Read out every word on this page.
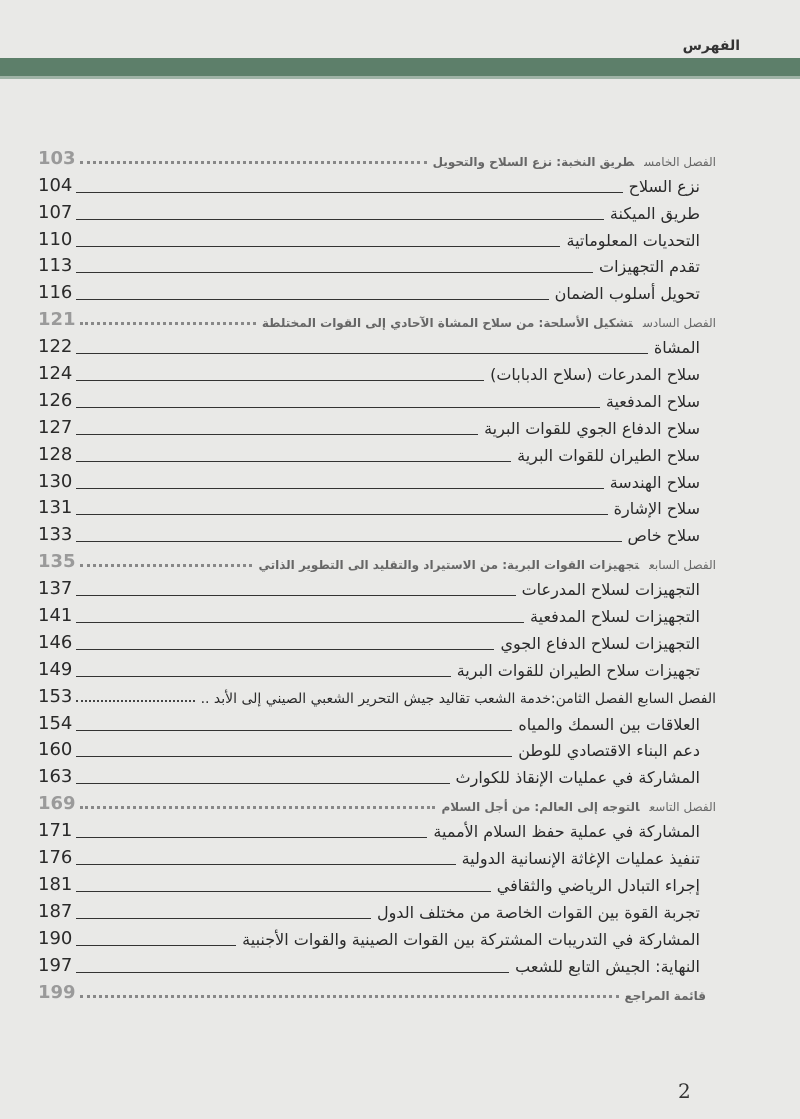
الفهرس
الفصل الخامسطريق النخبة: نزع السلاح والتحويل
103
نزع السلاح
104
طريق الميكنة
107
التحديات المعلوماتية
110
تقدم التجهيزات
113
تحويل أسلوب الضمان
116
الفصل السادستشكيل الأسلحة: من سلاح المشاة الآحادي إلى القوات المختلطة
121
المشاة
122
سلاح المدرعات (سلاح الدبابات)
124
سلاح المدفعية
126
سلاح الدفاع الجوي للقوات البرية
127
سلاح الطيران للقوات البرية
128
سلاح الهندسة
130
سلاح الإشارة
131
سلاح خاص
133
الفصل السابعتجهيزات القوات البرية: من الاستيراد والتقليد الى التطوير الذاتي
135
التجهيزات لسلاح المدرعات
137
التجهيزات لسلاح المدفعية
141
التجهيزات لسلاح الدفاع الجوي
146
تجهيزات سلاح الطيران للقوات البرية
149
الفصل السابع الفصل الثامن:خدمة الشعب تقاليد جيش التحرير الشعبي الصيني إلى الأبد ..
153
العلاقات بين السمك والمياه
154
دعم البناء الاقتصادي للوطن
160
المشاركة في عمليات الإنقاذ للكوارث
163
الفصل التاسعالتوجه إلى العالم: من أجل السلام
169
المشاركة في عملية حفظ السلام الأممية
171
تنفيذ عمليات الإغاثة الإنسانية الدولية
176
إجراء التبادل الرياضي والثقافي
181
تجربة القوة بين القوات الخاصة من مختلف الدول
187
المشاركة في التدريبات المشتركة بين القوات الصينية والقوات الأجنبية
190
النهاية: الجيش التابع للشعب
197
قائمة المراجع
199
2
